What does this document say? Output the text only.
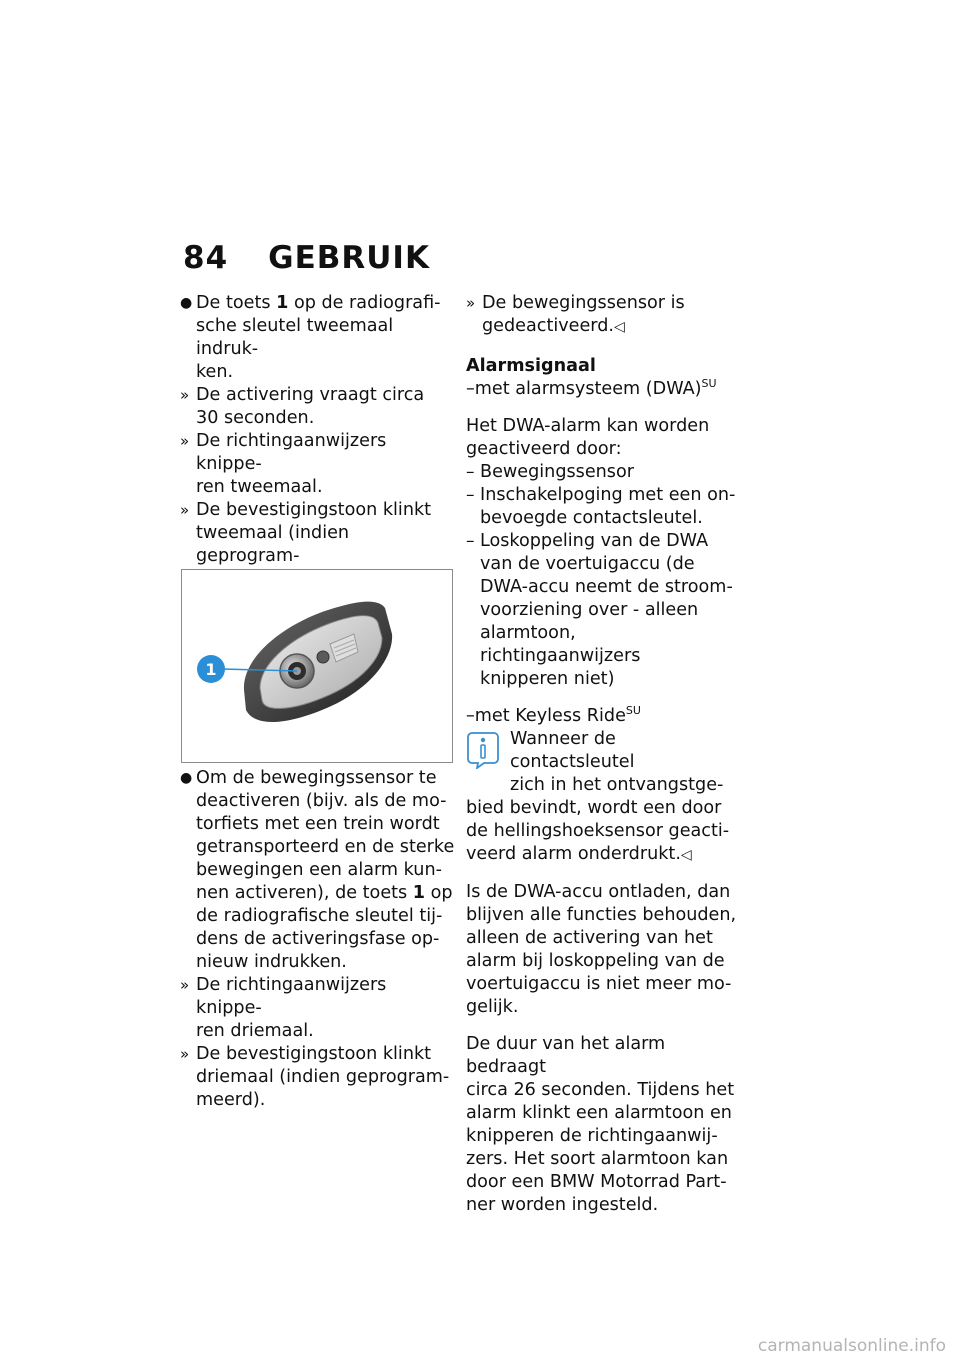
84 GEBRUIK
● De toets 1 op de radiografi-
sche sleutel tweemaal indruk-
ken.
» De activering vraagt circa
30 seconden.
» De richtingaanwijzers knippe-
ren tweemaal.
» De bevestigingstoon klinkt
tweemaal (indien geprogram-
1
● Om de bewegingssensor te
deactiveren (bijv. als de mo-
torfiets met een trein wordt
getransporteerd en de sterke
bewegingen een alarm kun-
nen activeren), de toets 1 op
de radiografische sleutel tij-
dens de activeringsfase op-
nieuw indrukken.
» De richtingaanwijzers knippe-
ren driemaal.
» De bevestigingstoon klinkt
driemaal (indien geprogram-
meerd).
» De bewegingssensor is
gedeactiveerd.◁
Alarmsignaal
–met alarmsysteem (DWA)$^{SU}$
Het DWA-alarm kan worden
geactiveerd door:
– Bewegingssensor
– Inschakelpoging met een on-
bevoegde contactsleutel.
– Loskoppeling van de DWA
van de voertuigaccu (de
DWA-accu neemt de stroom-
voorziening over - alleen
alarmtoon, richtingaanwijzers
knipperen niet)
–met Keyless Ride$^{SU}$
Wanneer de contactsleutel
zich in het ontvangstge-
bied bevindt, wordt een door
de hellingshoeksensor geacti-
veerd alarm onderdrukt.◁
Is de DWA-accu ontladen, dan
blijven alle functies behouden,
alleen de activering van het
alarm bij loskoppeling van de
voertuigaccu is niet meer mo-
gelijk.
De duur van het alarm bedraagt
circa 26 seconden. Tijdens het
alarm klinkt een alarmtoon en
knipperen de richtingaanwij-
zers. Het soort alarmtoon kan
door een BMW Motorrad Part-
ner worden ingesteld.
carmanualsonline.info
